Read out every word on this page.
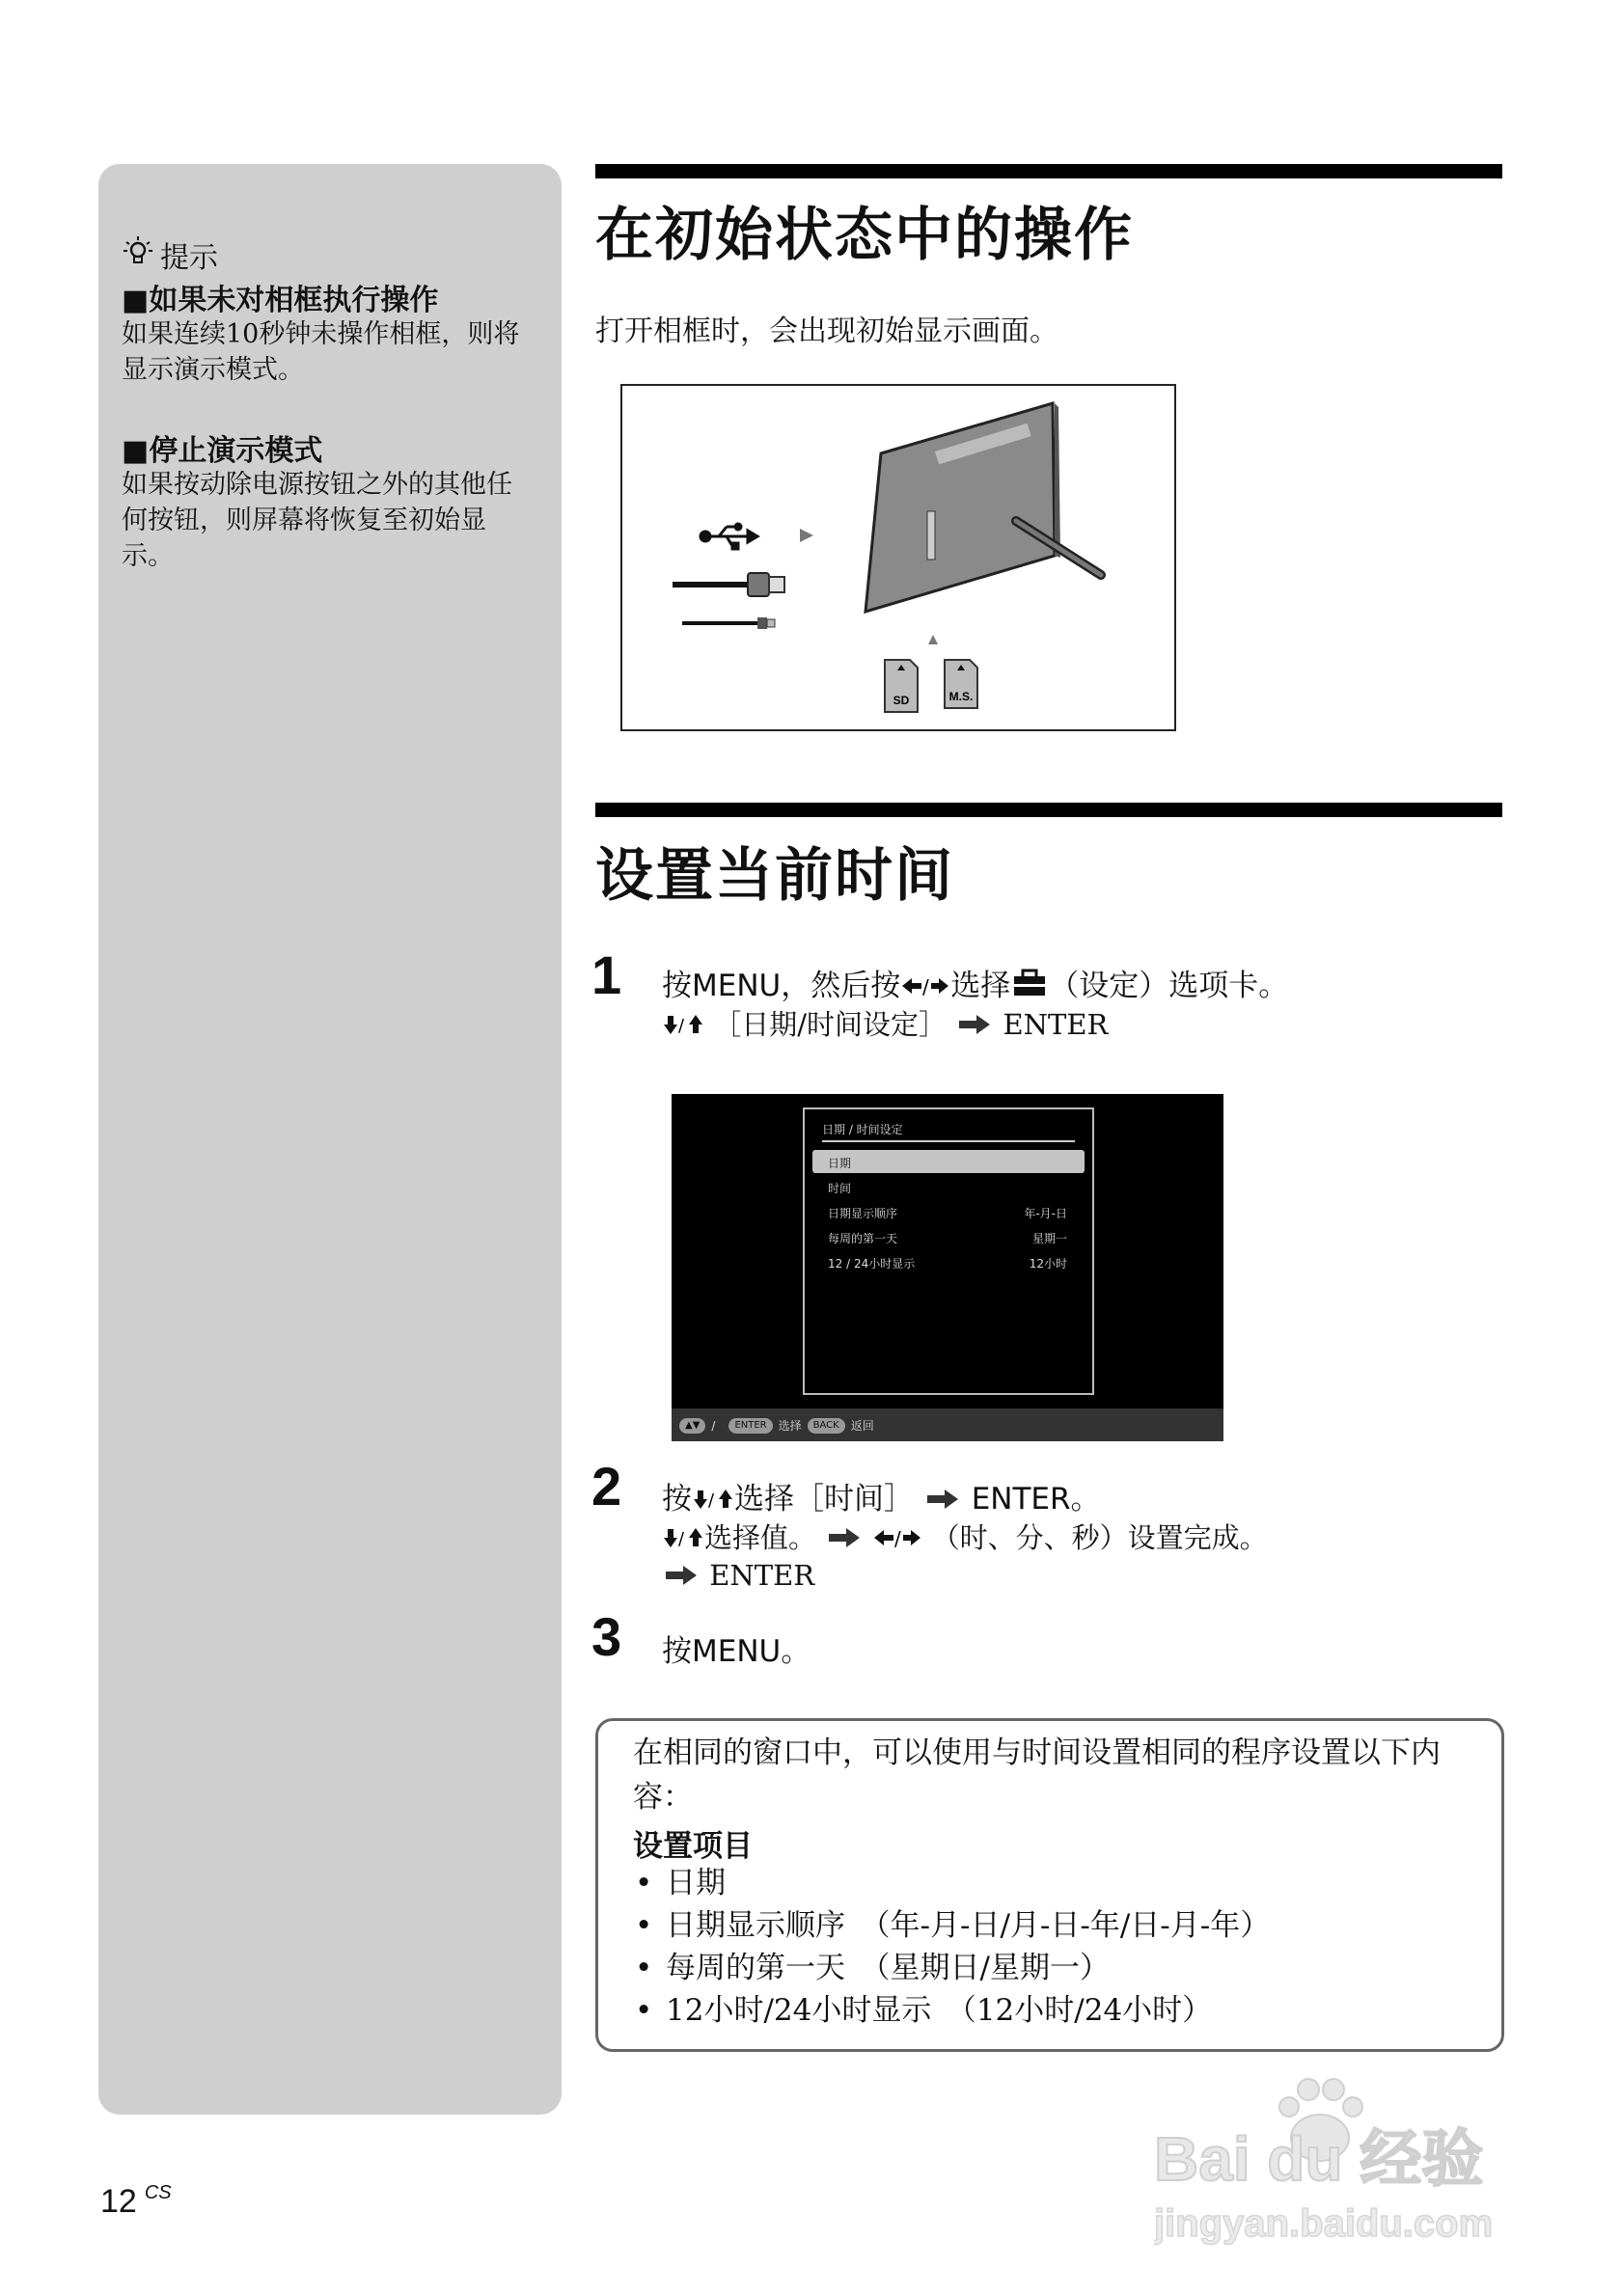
提示
■如果未对相框执行操作
如果连续10秒钟未操作相框，则将显示演示模式。
■停止演示模式
如果按动除电源按钮之外的其他任何按钮，则屏幕将恢复至初始显示。
在初始状态中的操作
打开相框时，会出现初始显示画面。
SD	M.S.
设置当前时间
1 按MENU，然后按 / 选择 （设定）选项卡。
/ ［日期/时间设定］ ENTER
日期 / 时间设定
日期
时间
日期显示顺序	年-月-日
每周的第一天	星期一
12 / 24小时显示	12小时
▲▼	/	ENTER	选择	BACK	返回
2 按 / 选择［时间］ ENTER。
/ 选择值。	/ （时、分、秒）设置完成。
ENTER
3 按MENU。
在相同的窗口中，可以使用与时间设置相同的程序设置以下内容：
设置项目
• 日期
• 日期显示顺序　（年-月-日/月-日-年/日-月-年）
• 每周的第一天　（星期日/星期一）
• 12小时/24小时显示　（12小时/24小时）
12 $^{CS}$	Bai du 经验
jingyan.baidu.com
